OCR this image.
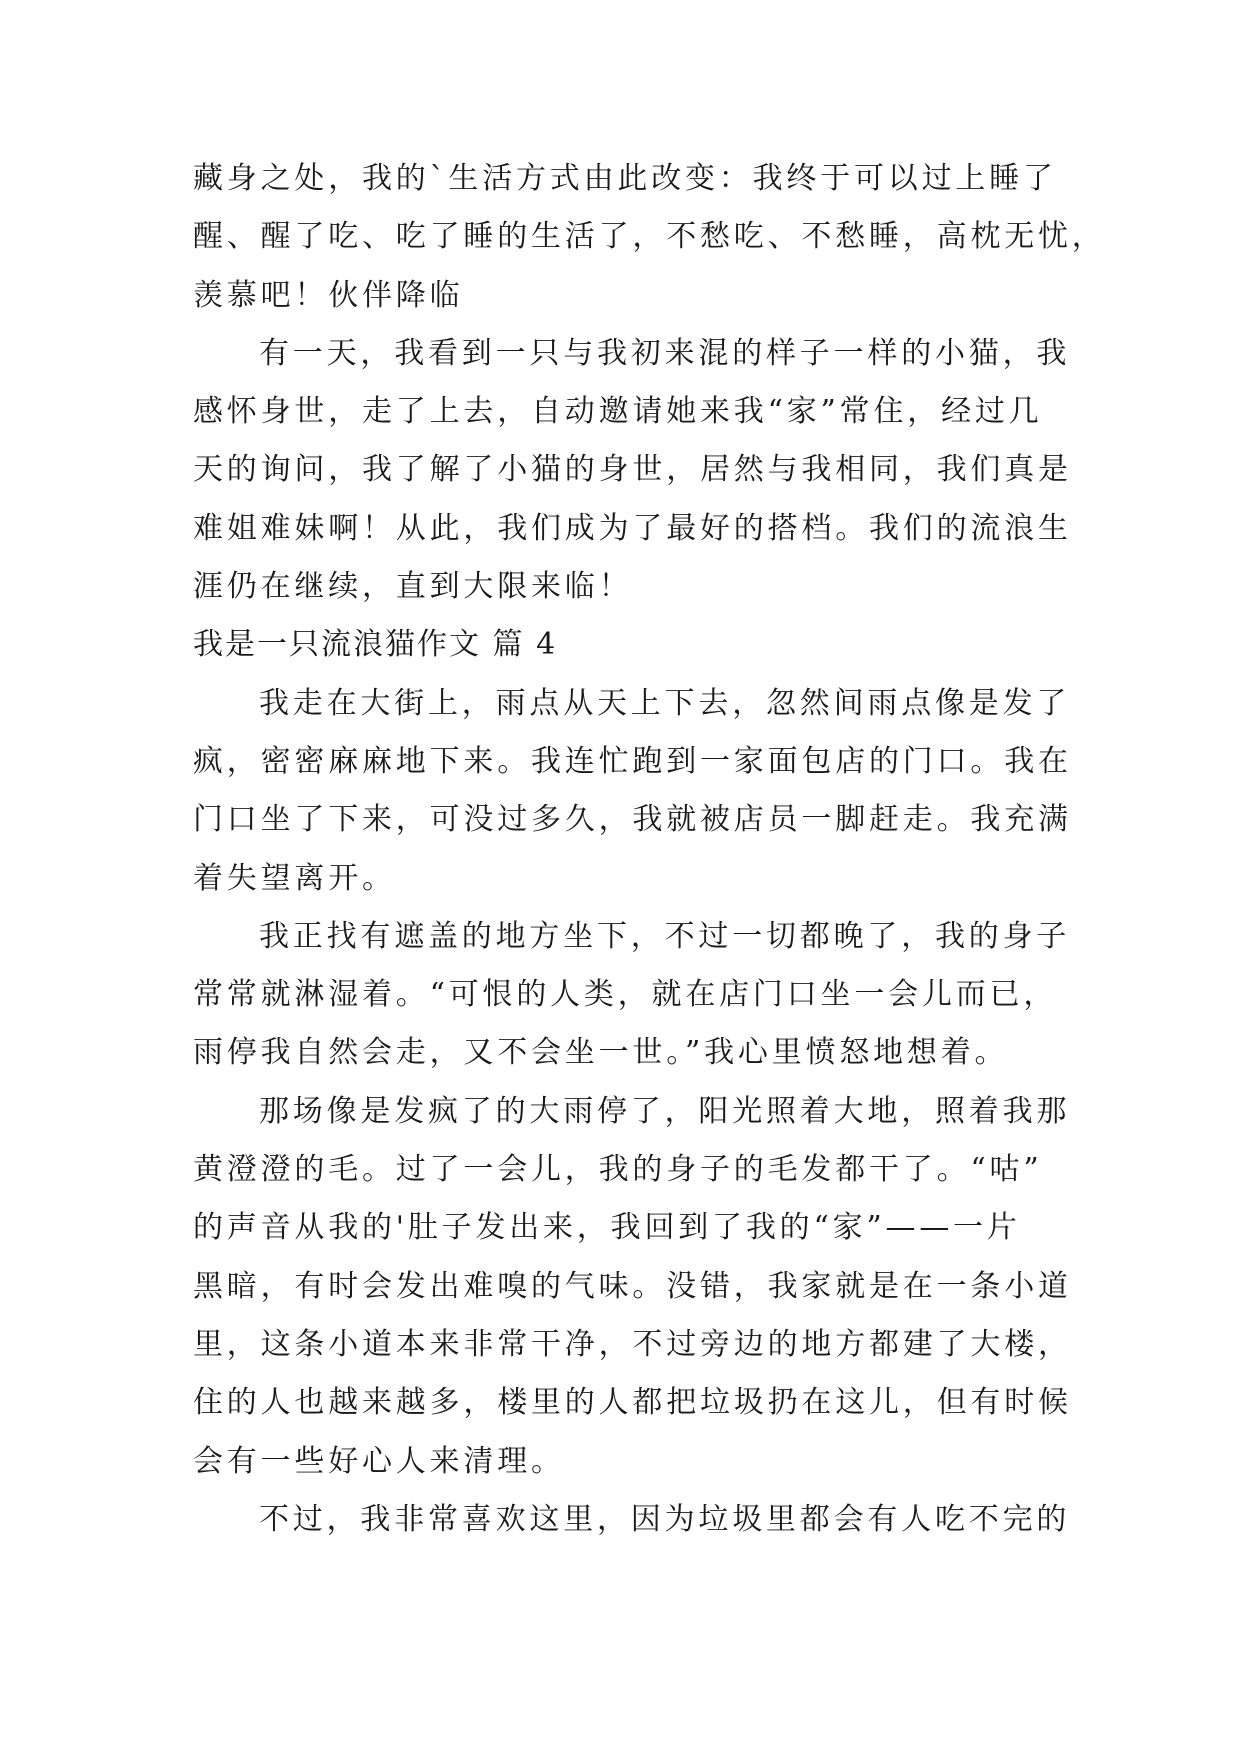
藏身之处，我的`生活方式由此改变：我终于可以过上睡了
醒、醒了吃、吃了睡的生活了，不愁吃、不愁睡，高枕无忧，
羡慕吧！伙伴降临
有一天，我看到一只与我初来混的样子一样的小猫，我
感怀身世，走了上去，自动邀请她来我“家”常住，经过几
天的询问，我了解了小猫的身世，居然与我相同，我们真是
难姐难妹啊！从此，我们成为了最好的搭档。我们的流浪生
涯仍在继续，直到大限来临！
我是一只流浪猫作文 篇 4
我走在大街上，雨点从天上下去，忽然间雨点像是发了
疯，密密麻麻地下来。我连忙跑到一家面包店的门口。我在
门口坐了下来，可没过多久，我就被店员一脚赶走。我充满
着失望离开。
我正找有遮盖的地方坐下，不过一切都晚了，我的身子
常常就淋湿着。“可恨的人类，就在店门口坐一会儿而已，
雨停我自然会走，又不会坐一世。”我心里愤怒地想着。
那场像是发疯了的大雨停了，阳光照着大地，照着我那
黄澄澄的毛。过了一会儿，我的身子的毛发都干了。“咕”
的声音从我的'肚子发出来，我回到了我的“家”——一片
黑暗，有时会发出难嗅的气味。没错，我家就是在一条小道
里，这条小道本来非常干净，不过旁边的地方都建了大楼，
住的人也越来越多，楼里的人都把垃圾扔在这儿，但有时候
会有一些好心人来清理。
不过，我非常喜欢这里，因为垃圾里都会有人吃不完的
